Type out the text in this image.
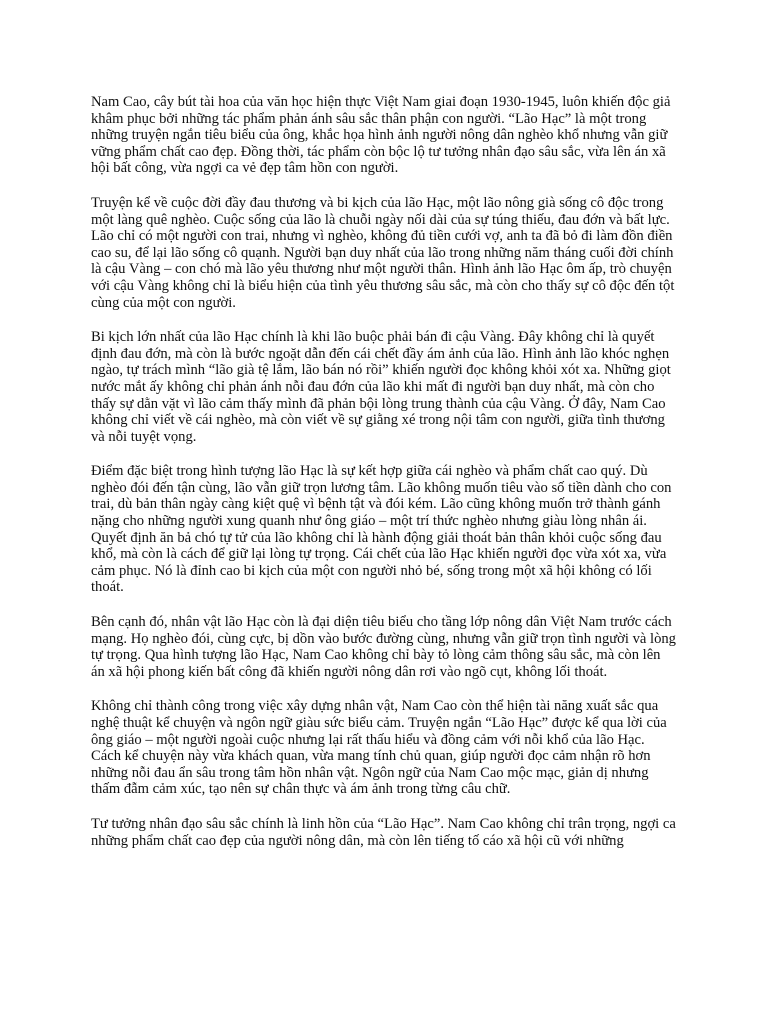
Nam Cao, cây bút tài hoa của văn học hiện thực Việt Nam giai đoạn 1930-1945, luôn khiến độc giả khâm phục bởi những tác phẩm phản ánh sâu sắc thân phận con người. “Lão Hạc” là một trong những truyện ngắn tiêu biểu của ông, khắc họa hình ảnh người nông dân nghèo khổ nhưng vẫn giữ vững phẩm chất cao đẹp. Đồng thời, tác phẩm còn bộc lộ tư tưởng nhân đạo sâu sắc, vừa lên án xã hội bất công, vừa ngợi ca vẻ đẹp tâm hồn con người.

Truyện kể về cuộc đời đầy đau thương và bi kịch của lão Hạc, một lão nông già sống cô độc trong một làng quê nghèo. Cuộc sống của lão là chuỗi ngày nối dài của sự túng thiếu, đau đớn và bất lực. Lão chỉ có một người con trai, nhưng vì nghèo, không đủ tiền cưới vợ, anh ta đã bỏ đi làm đồn điền cao su, để lại lão sống cô quạnh. Người bạn duy nhất của lão trong những năm tháng cuối đời chính là cậu Vàng – con chó mà lão yêu thương như một người thân. Hình ảnh lão Hạc ôm ấp, trò chuyện với cậu Vàng không chỉ là biểu hiện của tình yêu thương sâu sắc, mà còn cho thấy sự cô độc đến tột cùng của một con người.

Bi kịch lớn nhất của lão Hạc chính là khi lão buộc phải bán đi cậu Vàng. Đây không chỉ là quyết định đau đớn, mà còn là bước ngoặt dẫn đến cái chết đầy ám ảnh của lão. Hình ảnh lão khóc nghẹn ngào, tự trách mình “lão già tệ lắm, lão bán nó rồi” khiến người đọc không khỏi xót xa. Những giọt nước mắt ấy không chỉ phản ánh nỗi đau đớn của lão khi mất đi người bạn duy nhất, mà còn cho thấy sự dằn vặt vì lão cảm thấy mình đã phản bội lòng trung thành của cậu Vàng. Ở đây, Nam Cao không chỉ viết về cái nghèo, mà còn viết về sự giằng xé trong nội tâm con người, giữa tình thương và nỗi tuyệt vọng.

Điểm đặc biệt trong hình tượng lão Hạc là sự kết hợp giữa cái nghèo và phẩm chất cao quý. Dù nghèo đói đến tận cùng, lão vẫn giữ trọn lương tâm. Lão không muốn tiêu vào số tiền dành cho con trai, dù bản thân ngày càng kiệt quệ vì bệnh tật và đói kém. Lão cũng không muốn trở thành gánh nặng cho những người xung quanh như ông giáo – một trí thức nghèo nhưng giàu lòng nhân ái. Quyết định ăn bả chó tự tử của lão không chỉ là hành động giải thoát bản thân khỏi cuộc sống đau khổ, mà còn là cách để giữ lại lòng tự trọng. Cái chết của lão Hạc khiến người đọc vừa xót xa, vừa cảm phục. Nó là đỉnh cao bi kịch của một con người nhỏ bé, sống trong một xã hội không có lối thoát.

Bên cạnh đó, nhân vật lão Hạc còn là đại diện tiêu biểu cho tầng lớp nông dân Việt Nam trước cách mạng. Họ nghèo đói, cùng cực, bị dồn vào bước đường cùng, nhưng vẫn giữ trọn tình người và lòng tự trọng. Qua hình tượng lão Hạc, Nam Cao không chỉ bày tỏ lòng cảm thông sâu sắc, mà còn lên án xã hội phong kiến bất công đã khiến người nông dân rơi vào ngõ cụt, không lối thoát.

Không chỉ thành công trong việc xây dựng nhân vật, Nam Cao còn thể hiện tài năng xuất sắc qua nghệ thuật kể chuyện và ngôn ngữ giàu sức biểu cảm. Truyện ngắn “Lão Hạc” được kể qua lời của ông giáo – một người ngoài cuộc nhưng lại rất thấu hiểu và đồng cảm với nỗi khổ của lão Hạc. Cách kể chuyện này vừa khách quan, vừa mang tính chủ quan, giúp người đọc cảm nhận rõ hơn những nỗi đau ẩn sâu trong tâm hồn nhân vật. Ngôn ngữ của Nam Cao mộc mạc, giản dị nhưng thấm đẫm cảm xúc, tạo nên sự chân thực và ám ảnh trong từng câu chữ.

Tư tưởng nhân đạo sâu sắc chính là linh hồn của “Lão Hạc”. Nam Cao không chỉ trân trọng, ngợi ca những phẩm chất cao đẹp của người nông dân, mà còn lên tiếng tố cáo xã hội cũ với những
